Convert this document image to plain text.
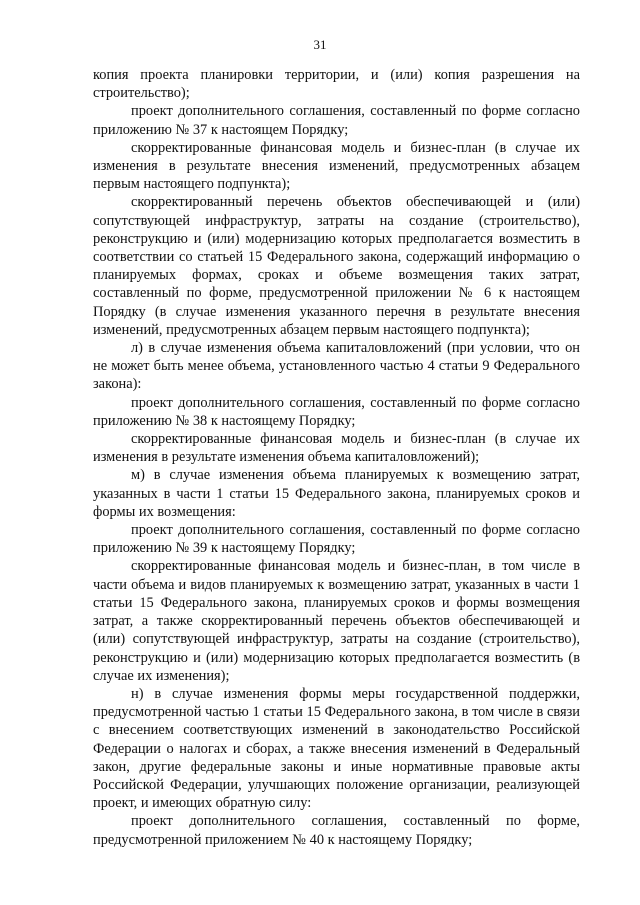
31

копия проекта планировки территории, и (или) копия разрешения на строительство);

проект дополнительного соглашения, составленный по форме согласно приложению № 37 к настоящем Порядку;

скорректированные финансовая модель и бизнес-план (в случае их изменения в результате внесения изменений, предусмотренных абзацем первым настоящего подпункта);

скорректированный перечень объектов обеспечивающей и (или) сопутствующей инфраструктур, затраты на создание (строительство), реконструкцию и (или) модернизацию которых предполагается возместить в соответствии со статьей 15 Федерального закона, содержащий информацию о планируемых формах, сроках и объеме возмещения таких затрат, составленный по форме, предусмотренной приложении № 6 к настоящем Порядку (в случае изменения указанного перечня в результате внесения изменений, предусмотренных абзацем первым настоящего подпункта);

л) в случае изменения объема капиталовложений (при условии, что он не может быть менее объема, установленного частью 4 статьи 9 Федерального закона):

проект дополнительного соглашения, составленный по форме согласно приложению № 38 к настоящему Порядку;

скорректированные финансовая модель и бизнес-план (в случае их изменения в результате изменения объема капиталовложений);

м) в случае изменения объема планируемых к возмещению затрат, указанных в части 1 статьи 15 Федерального закона, планируемых сроков и формы их возмещения:

проект дополнительного соглашения, составленный по форме согласно приложению № 39 к настоящему Порядку;

скорректированные финансовая модель и бизнес-план, в том числе в части объема и видов планируемых к возмещению затрат, указанных в части 1 статьи 15 Федерального закона, планируемых сроков и формы возмещения затрат, а также скорректированный перечень объектов обеспечивающей и (или) сопутствующей инфраструктур, затраты на создание (строительство), реконструкцию и (или) модернизацию которых предполагается возместить (в случае их изменения);

н) в случае изменения формы меры государственной поддержки, предусмотренной частью 1 статьи 15 Федерального закона, в том числе в связи с внесением соответствующих изменений в законодательство Российской Федерации о налогах и сборах, а также внесения изменений в Федеральный закон, другие федеральные законы и иные нормативные правовые акты Российской Федерации, улучшающих положение организации, реализующей проект, и имеющих обратную силу:

проект дополнительного соглашения, составленный по форме, предусмотренной приложением № 40 к настоящему Порядку;
